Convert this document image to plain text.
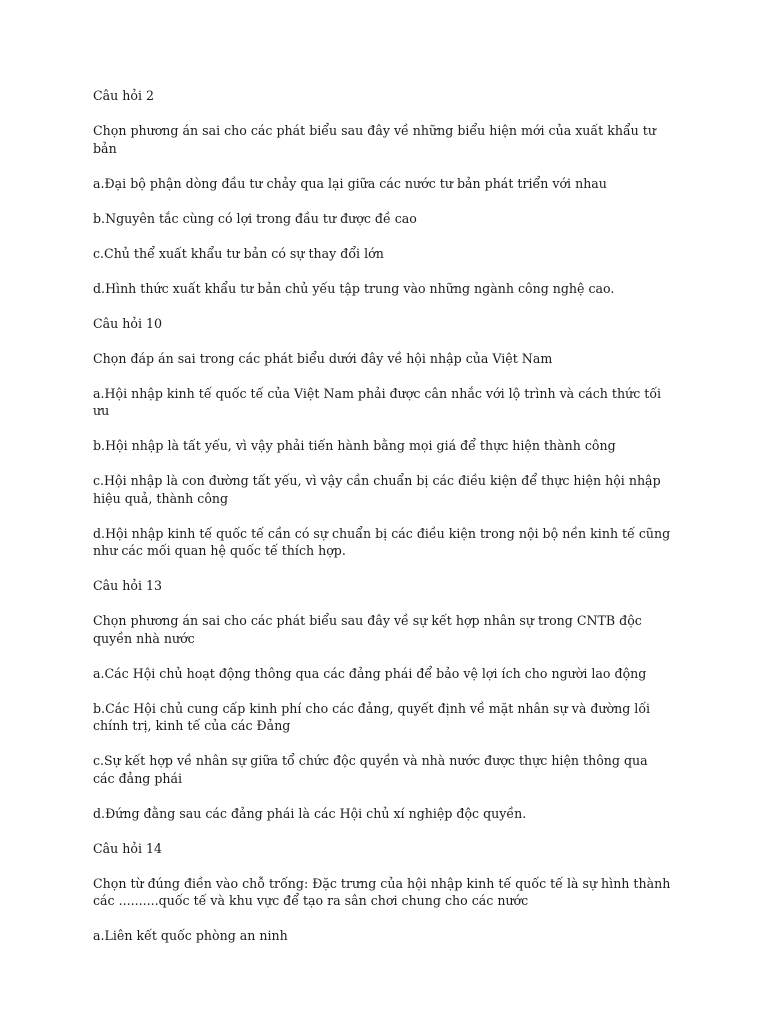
Câu hỏi 2

Chọn phương án sai cho các phát biểu sau đây về những biểu hiện mới của xuất khẩu tư bản

a.Đại bộ phận dòng đầu tư chảy qua lại giữa các nước tư bản phát triển với nhau

b.Nguyên tắc cùng có lợi trong đầu tư được đề cao

c.Chủ thể xuất khẩu tư bản có sự thay đổi lớn

d.Hình thức xuất khẩu tư bản chủ yếu tập trung vào những ngành công nghệ cao.

Câu hỏi 10

Chọn đáp án sai trong các phát biểu dưới đây về hội nhập của Việt Nam

a.Hội nhập kinh tế quốc tế của Việt Nam phải được cân nhắc với lộ trình và cách thức tối ưu

b.Hội nhập là tất yếu, vì vậy phải tiến hành bằng mọi giá để thực hiện thành công

c.Hội nhập là con đường tất yếu, vì vậy cần chuẩn bị các điều kiện để thực hiện hội nhập hiệu quả, thành công

d.Hội nhập kinh tế quốc tế cần có sự chuẩn bị các điều kiện trong nội bộ nền kinh tế cũng như các mối quan hệ quốc tế thích hợp.

Câu hỏi 13

Chọn phương án sai cho các phát biểu sau đây về sự kết hợp nhân sự trong CNTB độc quyền nhà nước

a.Các Hội chủ hoạt động thông qua các đảng phái để bảo vệ lợi ích cho người lao động

b.Các Hội chủ cung cấp kinh phí cho các đảng, quyết định về mặt nhân sự và đường lối chính trị, kinh tế của các Đảng

c.Sự kết hợp về nhân sự giữa tổ chức độc quyền và nhà nước được thực hiện thông qua các đảng phái

d.Đứng đằng sau các đảng phái là các Hội chủ xí nghiệp độc quyền.

Câu hỏi 14

Chọn từ đúng điền vào chỗ trống: Đặc trưng của hội nhập kinh tế quốc tế là sự hình thành các ..........quốc tế và khu vực để tạo ra sân chơi chung cho các nước

a.Liên kết quốc phòng an ninh
